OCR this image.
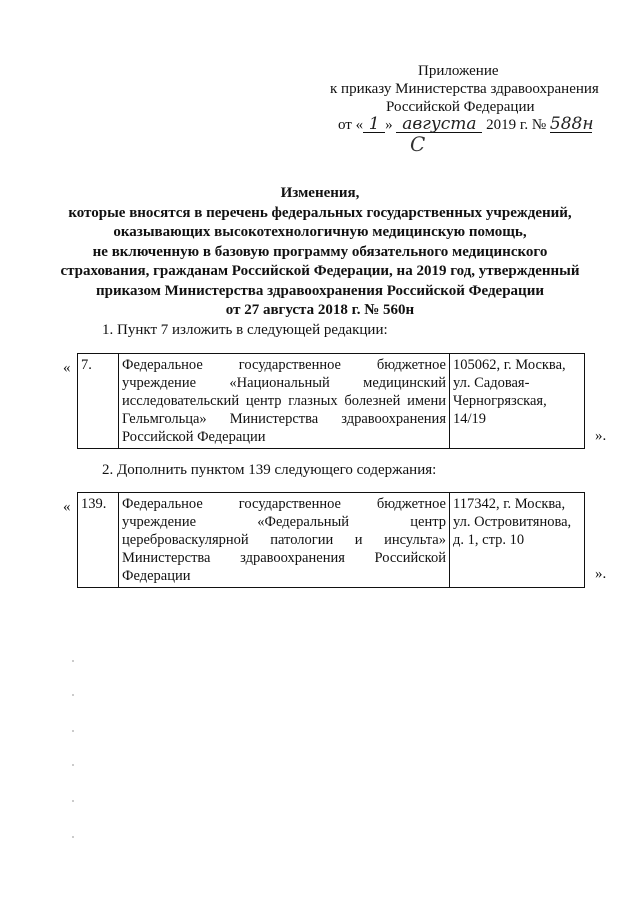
Приложение
к приказу Министерства здравоохранения
Российской Федерации
от « 1 » августа 2019 г. № 588н
С
Изменения,
которые вносятся в перечень федеральных государственных учреждений,
оказывающих высокотехнологичную медицинскую помощь,
не включенную в базовую программу обязательного медицинского
страхования, гражданам Российской Федерации, на 2019 год, утвержденный
приказом Министерства здравоохранения Российской Федерации
от 27 августа 2018 г. № 560н
1. Пункт 7 изложить в следующей редакции:
« 7.	Федеральное государственное бюджетное учреждение «Национальный медицинский исследовательский центр глазных болезней имени Гельмгольца» Министерства здравоохранения Российской Федерации	105062, г. Москва, ул. Садовая-Черногрязская, 14/19
».
2. Дополнить пунктом 139 следующего содержания:
« 139.	Федеральное государственное бюджетное учреждение «Федеральный центр цереброваскулярной патологии и инсульта» Министерства здравоохранения Российской Федерации	117342, г. Москва, ул. Островитянова, д. 1, стр. 10
».
